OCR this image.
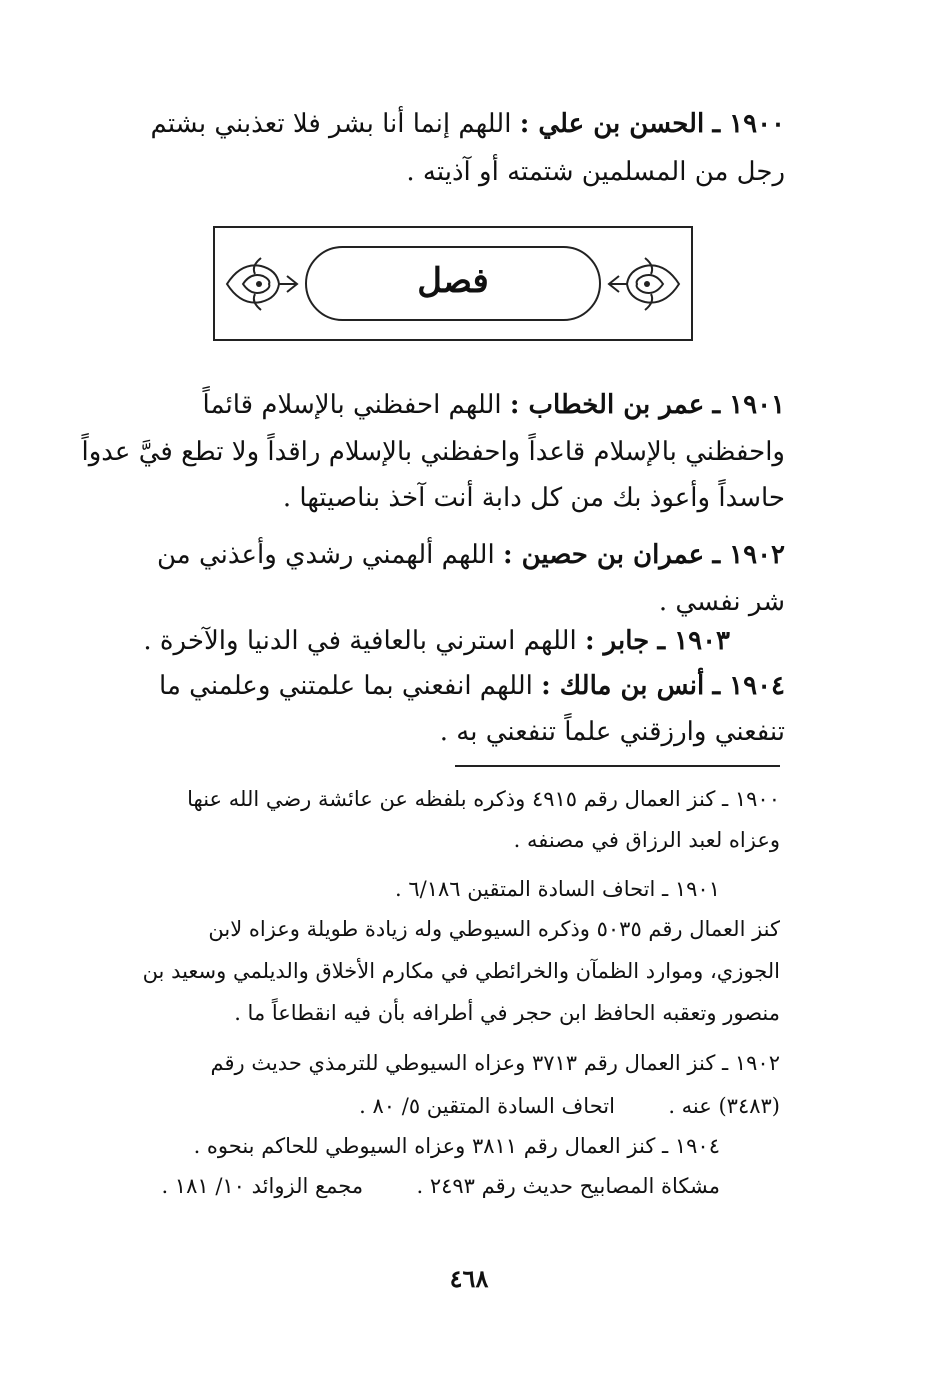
١٩٠٠ ـ الحسن بن علي : اللهم إنما أنا بشر فلا تعذبني بشتم
رجل من المسلمين شتمته أو آذيته .
فصل
١٩٠١ ـ عمر بن الخطاب : اللهم احفظني بالإسلام قائماً
واحفظني بالإسلام قاعداً واحفظني بالإسلام راقداً ولا تطع فيَّ عدواً
حاسداً وأعوذ بك من كل دابة أنت آخذ بناصيتها .
١٩٠٢ ـ عمران بن حصين : اللهم ألهمني رشدي وأعذني من
شر نفسي .
١٩٠٣ ـ جابر : اللهم استرني بالعافية في الدنيا والآخرة .
١٩٠٤ ـ أنس بن مالك : اللهم انفعني بما علمتني وعلمني ما
تنفعني وارزقني علماً تنفعني به .
١٩٠٠ ـ كنز العمال رقم ٤٩١٥ وذكره بلفظه عن عائشة رضي الله عنها
وعزاه لعبد الرزاق في مصنفه .
١٩٠١ ـ اتحاف السادة المتقين ٦/١٨٦ .
كنز العمال رقم ٥٠٣٥ وذكره السيوطي وله زيادة طويلة وعزاه لابن
الجوزي، وموارد الظمآن والخرائطي في مكارم الأخلاق والديلمي وسعيد بن
منصور وتعقبه الحافظ ابن حجر في أطرافه بأن فيه انقطاعاً ما .
١٩٠٢ ـ كنز العمال رقم ٣٧١٣ وعزاه السيوطي للترمذي حديث رقم
(٣٤٨٣) عنه .  اتحاف السادة المتقين ٥/ ٨٠ .
١٩٠٤ ـ كنز العمال رقم ٣٨١١ وعزاه السيوطي للحاكم بنحوه .
مشكاة المصابيح حديث رقم ٢٤٩٣ .  مجمع الزوائد ١٠/ ١٨١ .
٤٦٨
